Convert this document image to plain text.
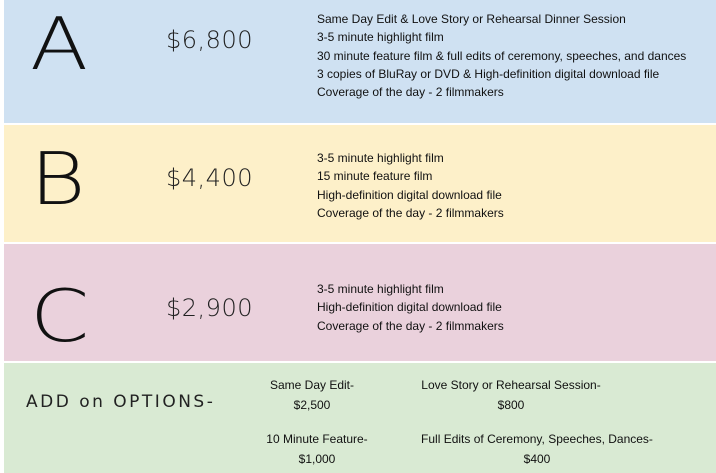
A	$6,800
Same Day Edit & Love Story or Rehearsal Dinner Session
3-5 minute highlight film
30 minute feature film & full edits of ceremony, speeches, and dances
3 copies of BluRay or DVD & High-definition digital download file
Coverage of the day - 2 filmmakers
B	$4,400
3-5 minute highlight film
15 minute feature film
High-definition digital download file
Coverage of the day - 2 filmmakers
C	$2,900
3-5 minute highlight film
High-definition digital download file
Coverage of the day - 2 filmmakers
ADD on OPTIONS-
Same Day Edit-
$2,500
Love Story or Rehearsal Session-
$800
10 Minute Feature-
$1,000
Full Edits of Ceremony, Speeches, Dances-
$400
